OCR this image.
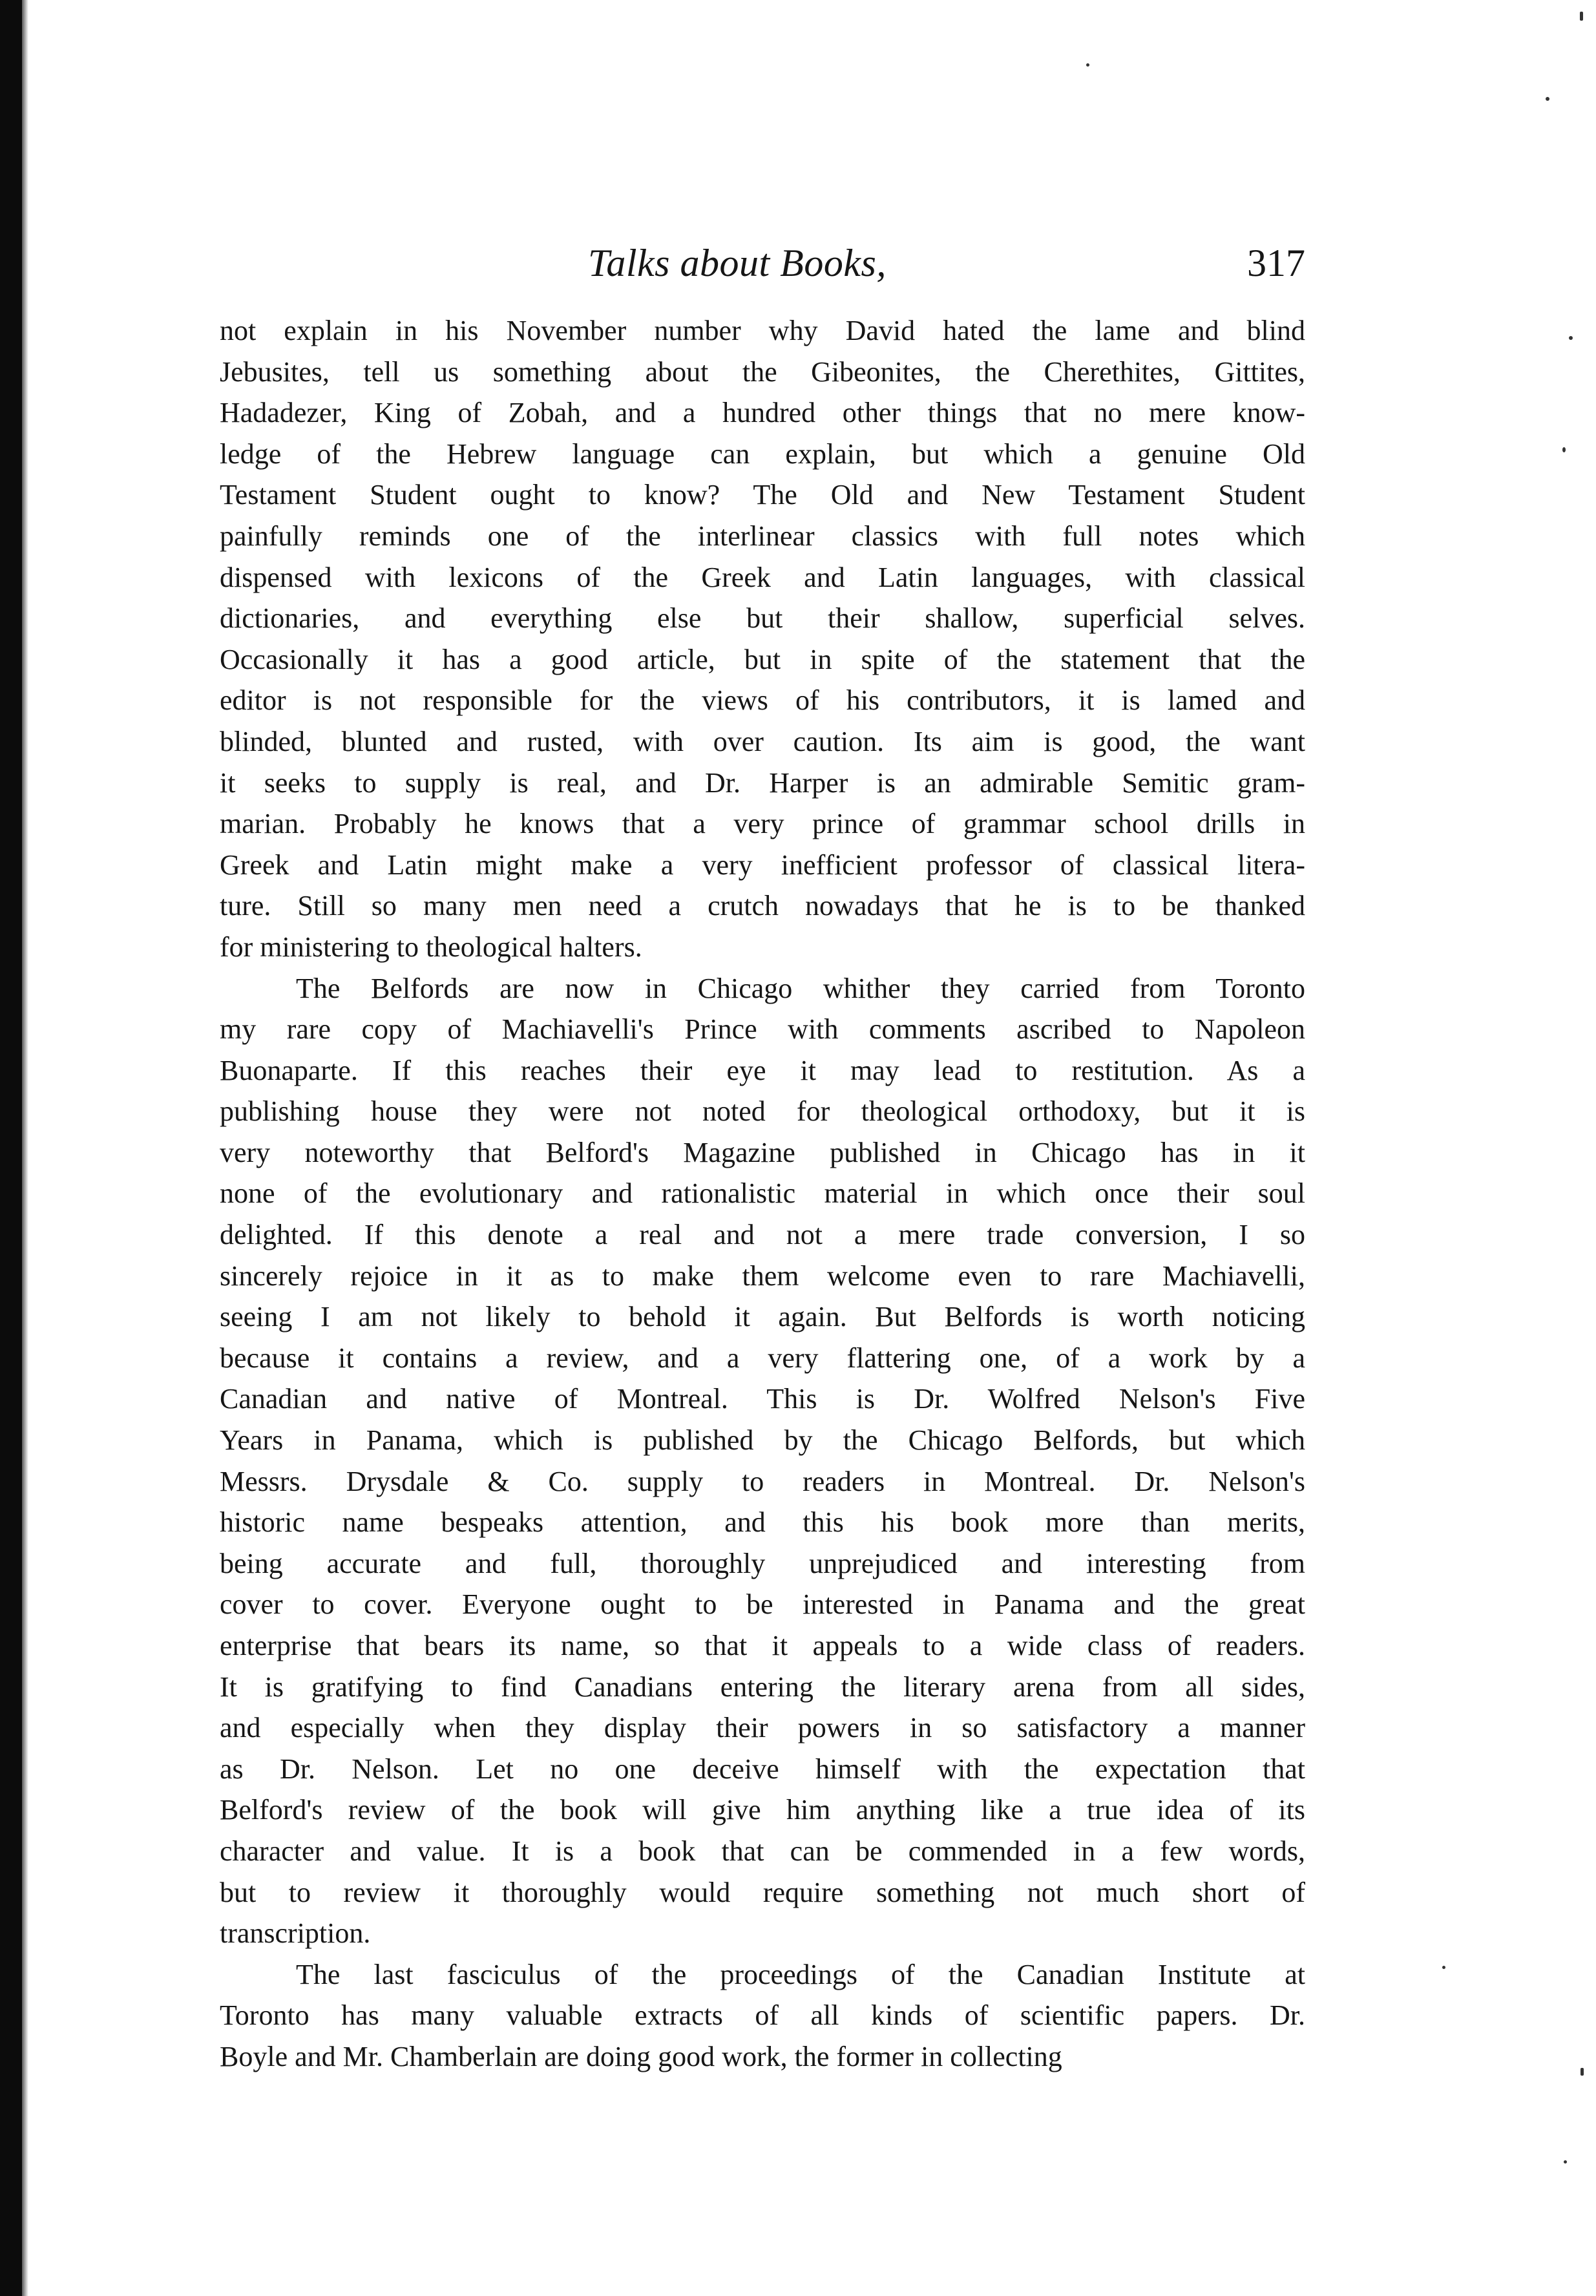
Talks about Books,	317
not explain in his November number why David hated the lame and blind
Jebusites, tell us something about the Gibeonites, the Cherethites, Gittites,
Hadadezer, King of Zobah, and a hundred other things that no mere know-
ledge of the Hebrew language can explain, but which a genuine Old
Testament Student ought to know? The Old and New Testament Student
painfully reminds one of the interlinear classics with full notes which
dispensed with lexicons of the Greek and Latin languages, with classical
dictionaries, and everything else but their shallow, superficial selves.
Occasionally it has a good article, but in spite of the statement that the
editor is not responsible for the views of his contributors, it is lamed and
blinded, blunted and rusted, with over caution. Its aim is good, the want
it seeks to supply is real, and Dr. Harper is an admirable Semitic gram-
marian. Probably he knows that a very prince of grammar school drills in
Greek and Latin might make a very inefficient professor of classical litera-
ture. Still so many men need a crutch nowadays that he is to be thanked
for ministering to theological halters.
The Belfords are now in Chicago whither they carried from Toronto
my rare copy of Machiavelli's Prince with comments ascribed to Napoleon
Buonaparte. If this reaches their eye it may lead to restitution. As a
publishing house they were not noted for theological orthodoxy, but it is
very noteworthy that Belford's Magazine published in Chicago has in it
none of the evolutionary and rationalistic material in which once their soul
delighted. If this denote a real and not a mere trade conversion, I so
sincerely rejoice in it as to make them welcome even to rare Machiavelli,
seeing I am not likely to behold it again. But Belfords is worth noticing
because it contains a review, and a very flattering one, of a work by a
Canadian and native of Montreal. This is Dr. Wolfred Nelson's Five
Years in Panama, which is published by the Chicago Belfords, but which
Messrs. Drysdale & Co. supply to readers in Montreal. Dr. Nelson's
historic name bespeaks attention, and this his book more than merits,
being accurate and full, thoroughly unprejudiced and interesting from
cover to cover. Everyone ought to be interested in Panama and the great
enterprise that bears its name, so that it appeals to a wide class of readers.
It is gratifying to find Canadians entering the literary arena from all sides,
and especially when they display their powers in so satisfactory a manner
as Dr. Nelson. Let no one deceive himself with the expectation that
Belford's review of the book will give him anything like a true idea of its
character and value. It is a book that can be commended in a few words,
but to review it thoroughly would require something not much short of
transcription.
The last fasciculus of the proceedings of the Canadian Institute at
Toronto has many valuable extracts of all kinds of scientific papers. Dr.
Boyle and Mr. Chamberlain are doing good work, the former in collecting
